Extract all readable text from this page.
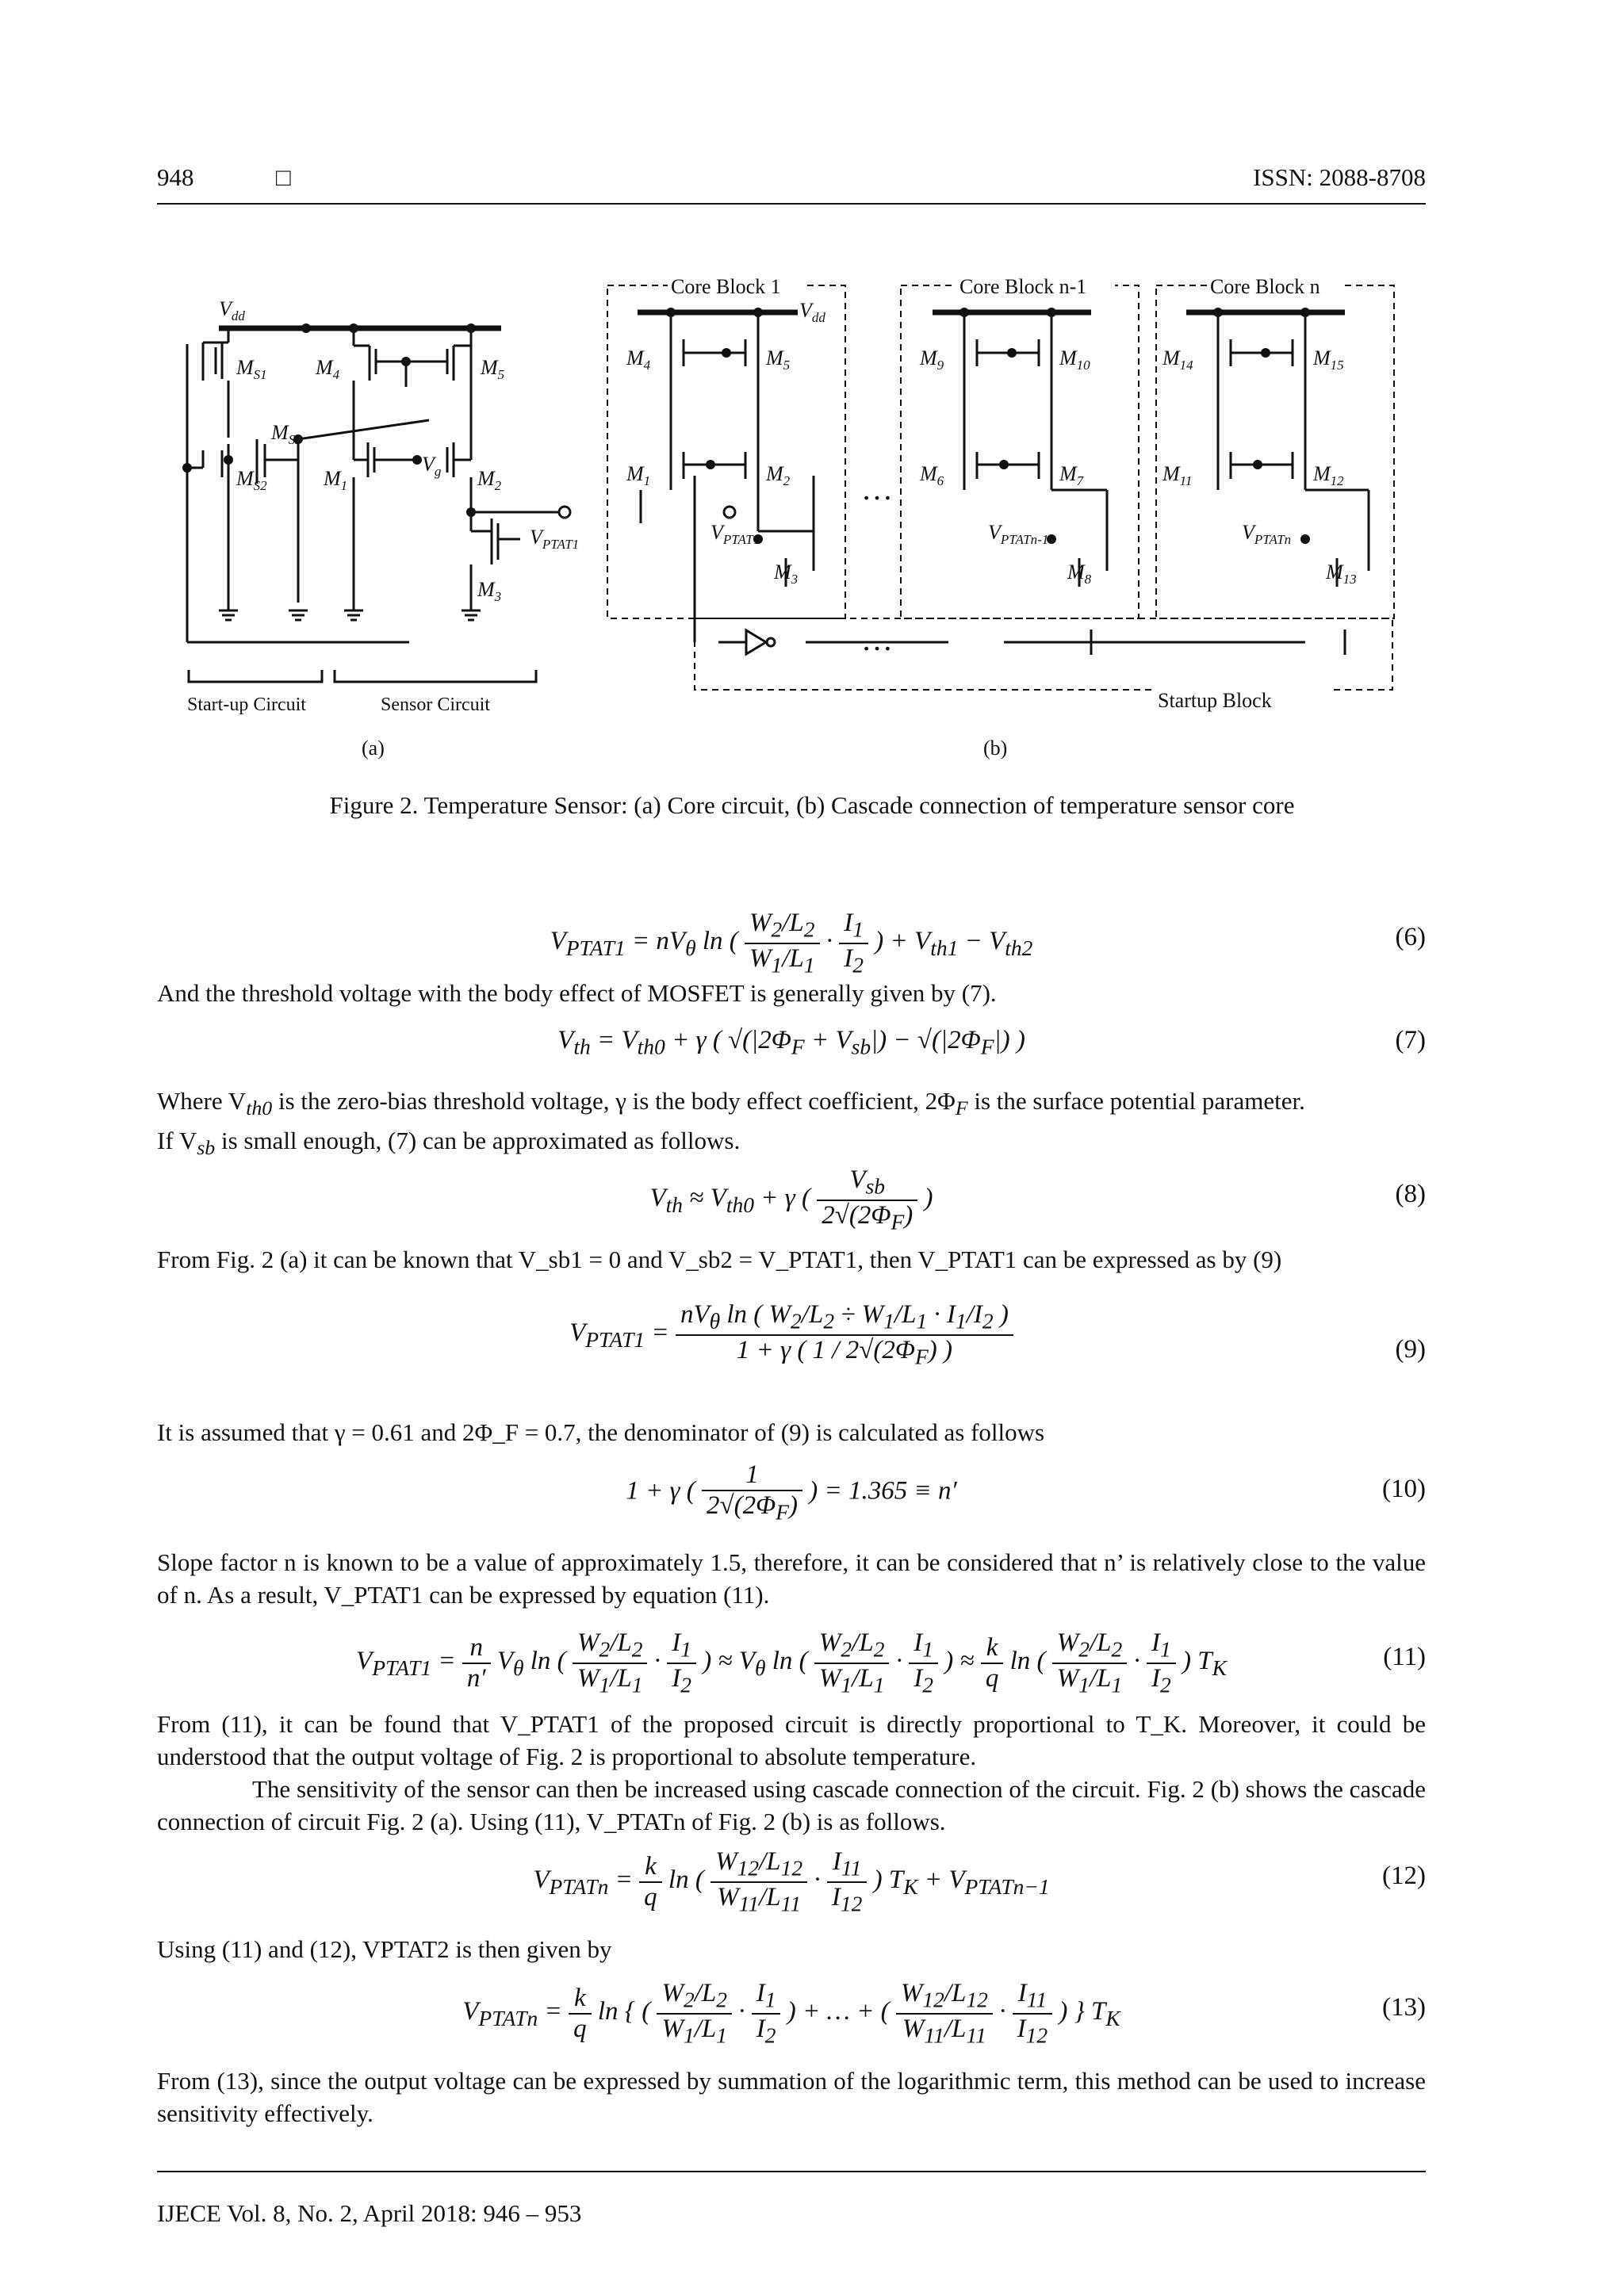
948	□	ISSN: 2088-8708
$V_{dd}$
$M_{S1}$ $M_4$	$M_5$
$M_{S3}$
$M_{S2}$	$M_1$
$V_g$ $M_2$
$M_3$
$V_{PTAT1}$
Start-up Circuit	Sensor Circuit
(a)	(b)
Core Block 1	Core Block n-1	Core Block n
Startup Block
…
…
$V_{dd}$
$M_4$	$M_5$
$M_1$	$M_2$
$V_{PTAT1}$
$M_3$
$M_9$	$M_{10}$
$M_6$	$M_7$
$V_{PTATn-1}$
$M_8$
$M_{14}$	$M_{15}$
$M_{11}$	$M_{12}$
$V_{PTATn}$
$M_{13}$
Figure 2. Temperature Sensor: (a) Core circuit, (b) Cascade connection of temperature sensor core
$V_{PTAT1} = nV_\theta$ ln ( $\frac{W_2/L_2}{W_1/L_1} \cdot \frac{I_1}{I_2}$ ) + $V_{th1} - V_{th2}$	(6)
And the threshold voltage with the body effect of MOSFET is generally given by (7).
$V_{th} = V_{th0} + \gamma$ ( $√(|2\Phi_F + V_{sb}|) - √(|2\Phi_F|)$ )	(7)
Where $V_{th0}$ is the zero-bias threshold voltage, γ is the body effect coefficient, $2\Phi_F$ is the surface potential parameter.
If $V_{sb}$ is small enough, (7) can be approximated as follows.
$V_{th} \approx V_{th0} + \gamma$ ( $\frac{V_{sb}}{2√(2\Phi_F)}$ )	(8)
From Fig. 2 (a) it can be known that V_sb1 = 0 and V_sb2 = V_PTAT1, then V_PTAT1 can be expressed as by (9)
$V_{PTAT1} = \frac{nV_\theta \ln ( W_2/L_2 \div W_1/L_1 \cdot I_1/I_2 )}{1 + \gamma ( 1 / 2√(2\Phi_F) )}$	(9)
It is assumed that γ = 0.61 and 2Φ_F = 0.7, the denominator of (9) is calculated as follows
1 + γ ( $\frac{1}{2√(2\Phi_F)}$ ) = 1.365 ≡ n′	(10)
Slope factor n is known to be a value of approximately 1.5, therefore, it can be considered that n’ is relatively close to the value of n. As a result, V_PTAT1 can be expressed by equation (11).
$V_{PTAT1} = \frac{n}{n'} V_\theta$ ln ( $\frac{W_2/L_2}{W_1/L_1} \cdot \frac{I_1}{I_2}$ ) ≈ $V_\theta$ ln ( $\frac{W_2/L_2}{W_1/L_1} \cdot \frac{I_1}{I_2}$ ) ≈ $\frac{k}{q}$ ln ( $\frac{W_2/L_2}{W_1/L_1} \cdot \frac{I_1}{I_2}$ ) $T_K$	(11)
From (11), it can be found that V_PTAT1 of the proposed circuit is directly proportional to T_K. Moreover, it could be understood that the output voltage of Fig. 2 is proportional to absolute temperature.
The sensitivity of the sensor can then be increased using cascade connection of the circuit. Fig. 2 (b) shows the cascade connection of circuit Fig. 2 (a). Using (11), V_PTATn of Fig. 2 (b) is as follows.
$V_{PTATn} = \frac{k}{q}$ ln ( $\frac{W_{12}/L_{12}}{W_{11}/L_{11}} \cdot \frac{I_{11}}{I_{12}}$ ) $T_K + V_{PTATn-1}$	(12)
Using (11) and (12), VPTAT2 is then given by
$V_{PTATn} = \frac{k}{q}$ ln { ( $\frac{W_2/L_2}{W_1/L_1} \cdot \frac{I_1}{I_2}$ ) + … + ( $\frac{W_{12}/L_{12}}{W_{11}/L_{11}} \cdot \frac{I_{11}}{I_{12}}$ ) } $T_K$	(13)
From (13), since the output voltage can be expressed by summation of the logarithmic term, this method can be used to increase sensitivity effectively.
IJECE Vol. 8, No. 2, April 2018: 946 – 953
